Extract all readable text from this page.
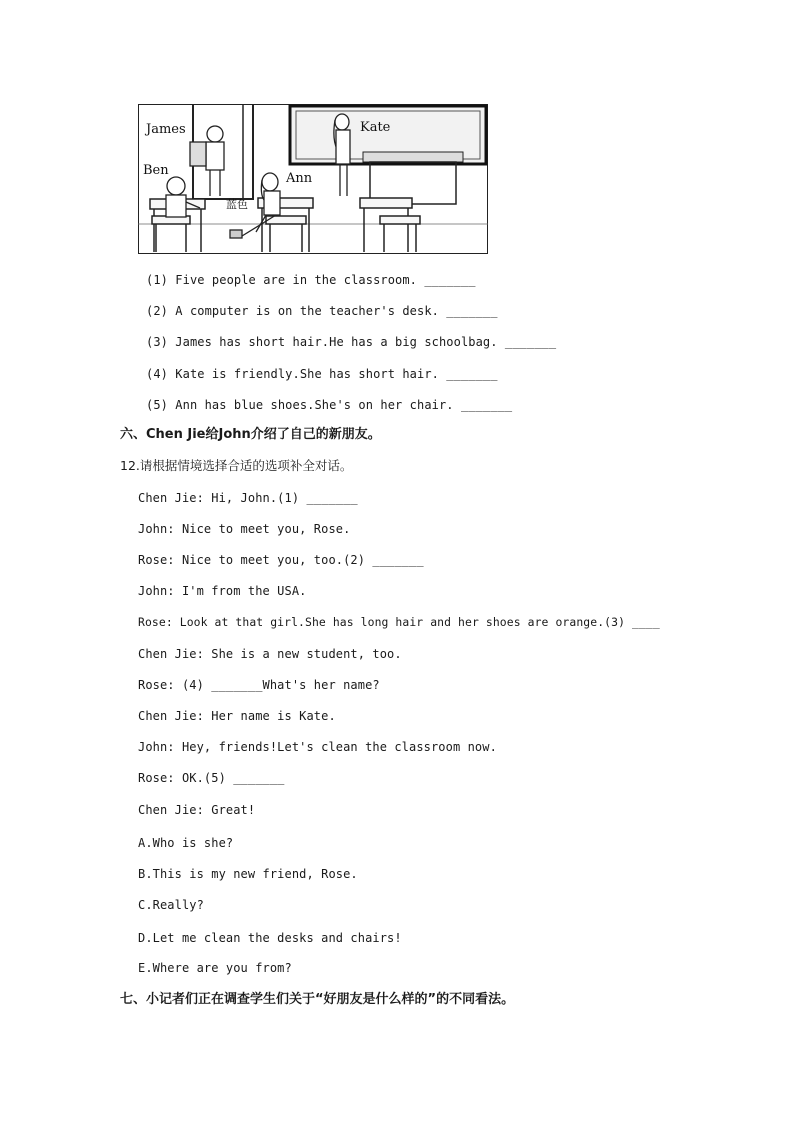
James
Ben
Ann
Kate
蓝色
(1) Five people are in the classroom. _______
(2) A computer is on the teacher's desk. _______
(3) James has short hair.He has a big schoolbag. _______
(4) Kate is friendly.She has short hair. _______
(5) Ann has blue shoes.She's on her chair. _______
六、Chen Jie给John介绍了自己的新朋友。
12.请根据情境选择合适的选项补全对话。
Chen Jie: Hi, John.(1) _______
John: Nice to meet you, Rose.
Rose: Nice to meet you, too.(2) _______
John: I'm from the USA.
Rose: Look at that girl.She has long hair and her shoes are orange.(3) ____
Chen Jie: She is a new student, too.
Rose: (4) _______What's her name?
Chen Jie: Her name is Kate.
John: Hey, friends!Let's clean the classroom now.
Rose: OK.(5) _______
Chen Jie: Great!
A.Who is she?
B.This is my new friend, Rose.
C.Really?
D.Let me clean the desks and chairs!
E.Where are you from?
七、小记者们正在调查学生们关于“好朋友是什么样的”的不同看法。
